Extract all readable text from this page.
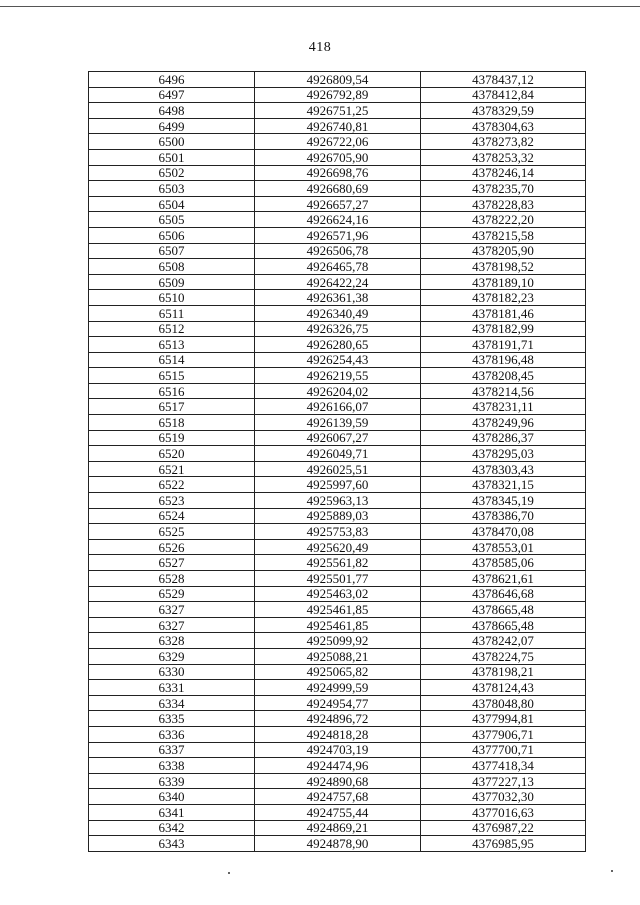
418
6496	4926809,54	4378437,12
6497	4926792,89	4378412,84
6498	4926751,25	4378329,59
6499	4926740,81	4378304,63
6500	4926722,06	4378273,82
6501	4926705,90	4378253,32
6502	4926698,76	4378246,14
6503	4926680,69	4378235,70
6504	4926657,27	4378228,83
6505	4926624,16	4378222,20
6506	4926571,96	4378215,58
6507	4926506,78	4378205,90
6508	4926465,78	4378198,52
6509	4926422,24	4378189,10
6510	4926361,38	4378182,23
6511	4926340,49	4378181,46
6512	4926326,75	4378182,99
6513	4926280,65	4378191,71
6514	4926254,43	4378196,48
6515	4926219,55	4378208,45
6516	4926204,02	4378214,56
6517	4926166,07	4378231,11
6518	4926139,59	4378249,96
6519	4926067,27	4378286,37
6520	4926049,71	4378295,03
6521	4926025,51	4378303,43
6522	4925997,60	4378321,15
6523	4925963,13	4378345,19
6524	4925889,03	4378386,70
6525	4925753,83	4378470,08
6526	4925620,49	4378553,01
6527	4925561,82	4378585,06
6528	4925501,77	4378621,61
6529	4925463,02	4378646,68
6327	4925461,85	4378665,48
6327	4925461,85	4378665,48
6328	4925099,92	4378242,07
6329	4925088,21	4378224,75
6330	4925065,82	4378198,21
6331	4924999,59	4378124,43
6334	4924954,77	4378048,80
6335	4924896,72	4377994,81
6336	4924818,28	4377906,71
6337	4924703,19	4377700,71
6338	4924474,96	4377418,34
6339	4924890,68	4377227,13
6340	4924757,68	4377032,30
6341	4924755,44	4377016,63
6342	4924869,21	4376987,22
6343	4924878,90	4376985,95
